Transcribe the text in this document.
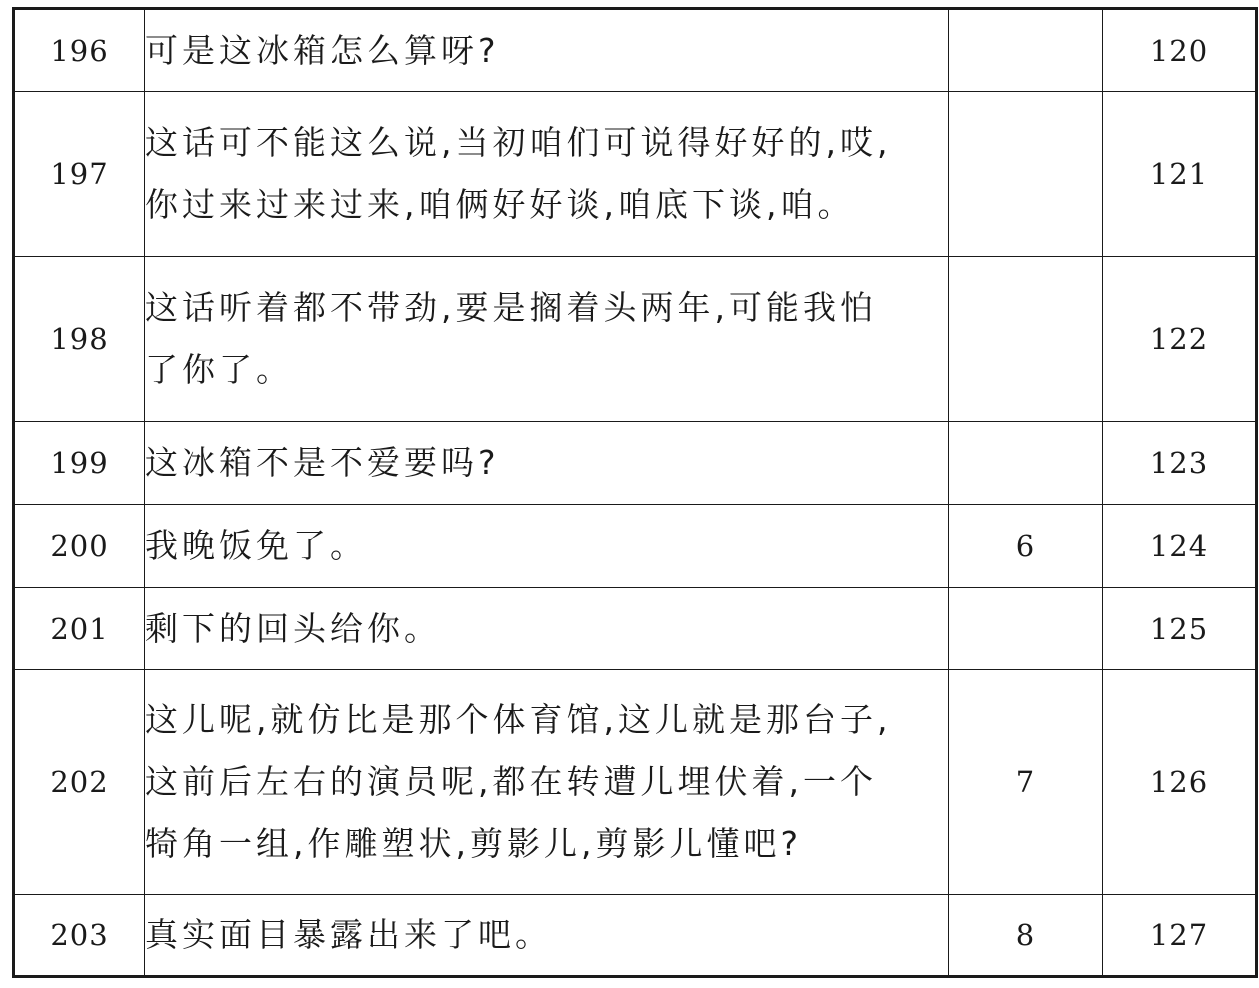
196	可是这冰箱怎么算呀?		120
197	这话可不能这么说,当初咱们可说得好好的,哎,
你过来过来过来,咱俩好好谈,咱底下谈,咱。		121
198	这话听着都不带劲,要是搁着头两年,可能我怕
了你了。		122
199	这冰箱不是不爱要吗?		123
200	我晚饭免了。	6	124
201	剩下的回头给你。		125
202	这儿呢,就仿比是那个体育馆,这儿就是那台子,
这前后左右的演员呢,都在转遭儿埋伏着,一个
犄角一组,作雕塑状,剪影儿,剪影儿懂吧?	7	126
203	真实面目暴露出来了吧。	8	127
